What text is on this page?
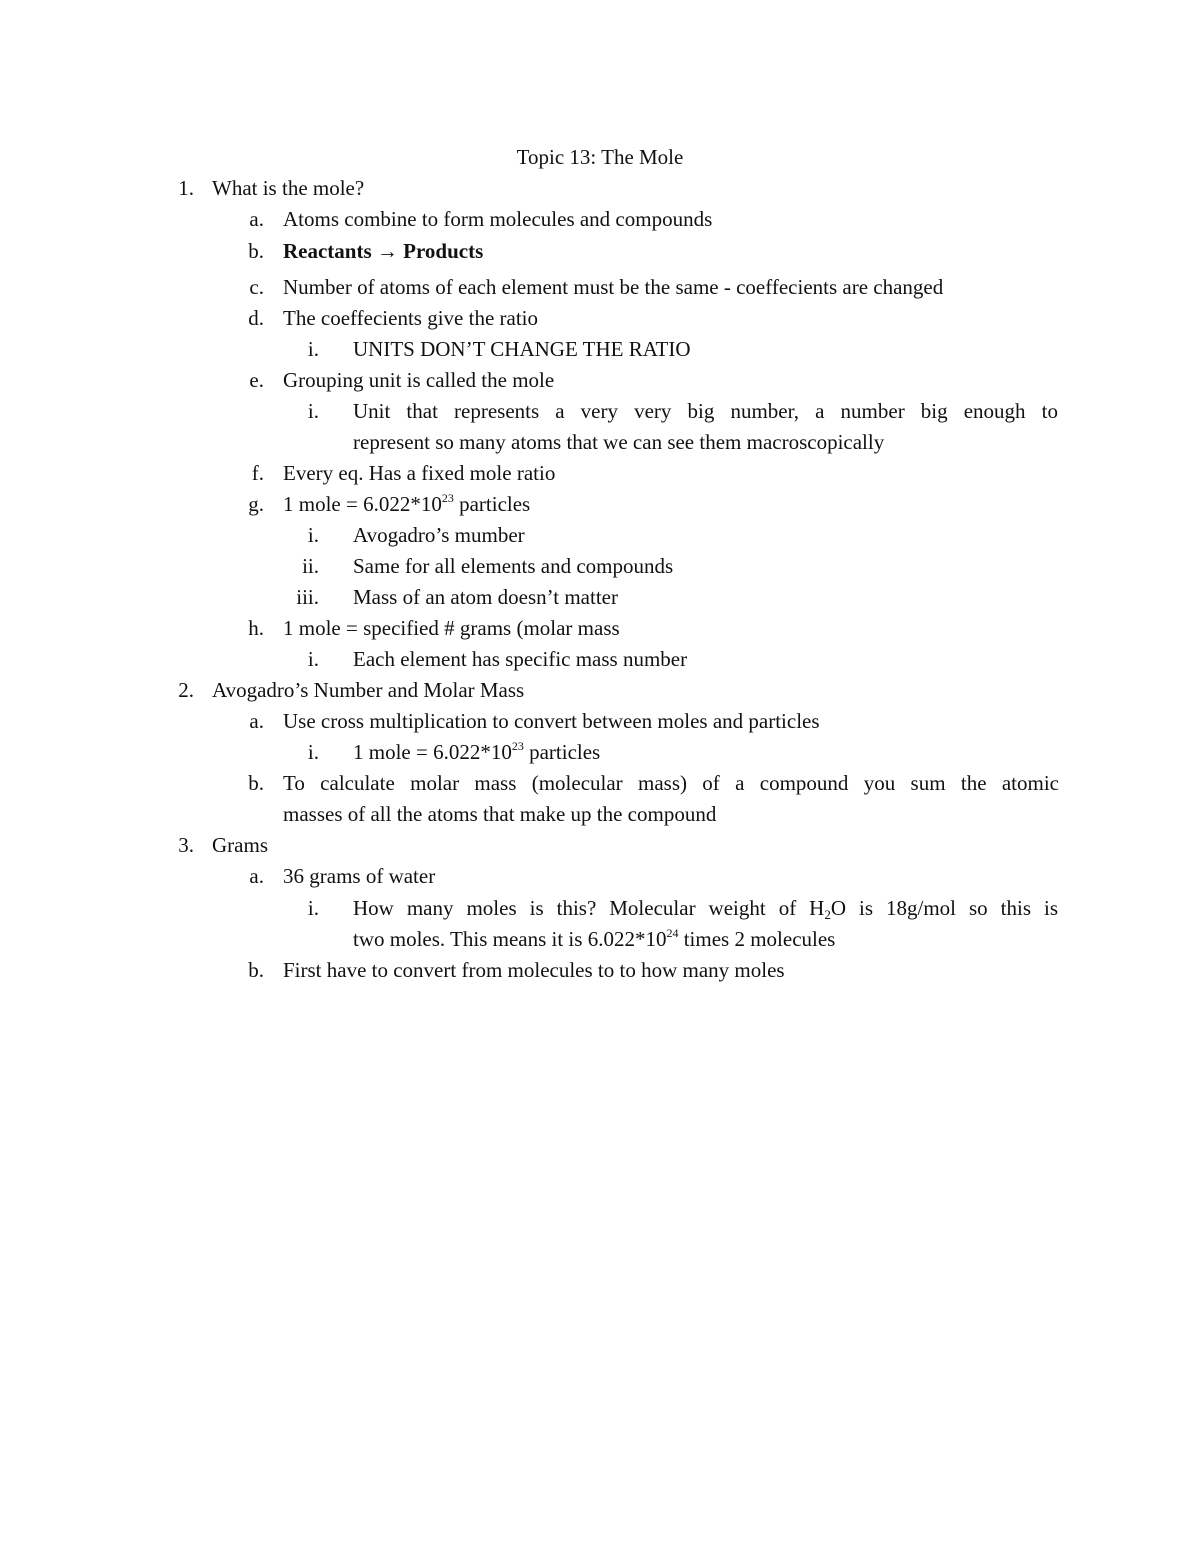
Topic 13: The Mole
1. What is the mole?
a. Atoms combine to form molecules and compounds
b. Reactants → Products
c. Number of atoms of each element must be the same - coeffecients are changed
d. The coeffecients give the ratio
i. UNITS DON’T CHANGE THE RATIO
e. Grouping unit is called the mole
i. Unit that represents a very very big number, a number big enough to
represent so many atoms that we can see them macroscopically
f. Every eq. Has a fixed mole ratio
g. 1 mole = $6.022*10^{23}$ particles
i. Avogadro’s mumber
ii. Same for all elements and compounds
iii. Mass of an atom doesn’t matter
h. 1 mole = specified # grams (molar mass
i. Each element has specific mass number
2. Avogadro’s Number and Molar Mass
a. Use cross multiplication to convert between moles and particles
i. 1 mole = $6.022*10^{23}$ particles
b. To calculate molar mass (molecular mass) of a compound you sum the atomic
masses of all the atoms that make up the compound
3. Grams
a. 36 grams of water
i. How many moles is this? Molecular weight of $H_2O$ is 18g/mol so this is
two moles. This means it is $6.022*10^{24}$ times 2 molecules
b. First have to convert from molecules to to how many moles
